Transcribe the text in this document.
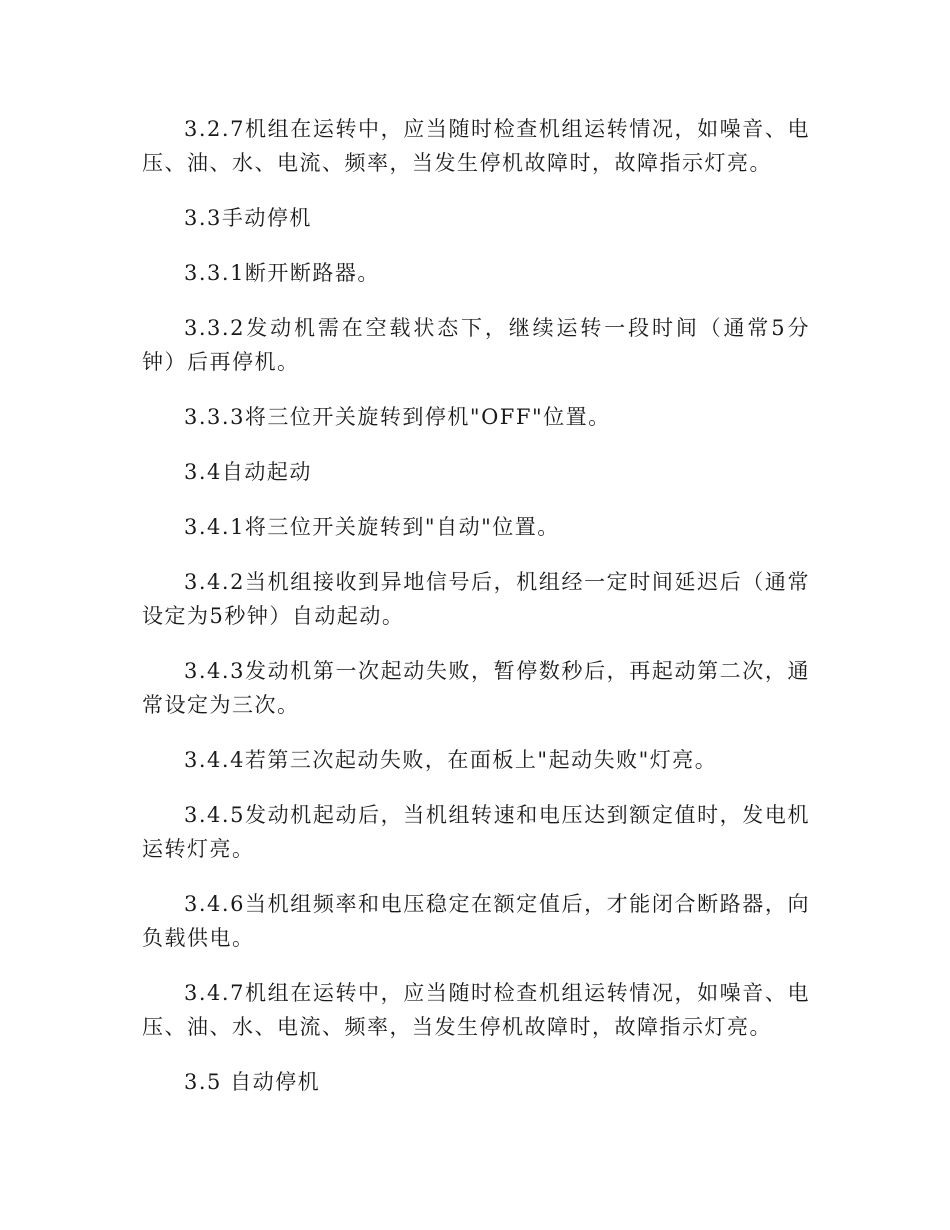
3.2.7机组在运转中，应当随时检查机组运转情况，如噪音、电压、油、水、电流、频率，当发生停机故障时，故障指示灯亮。

3.3手动停机

3.3.1断开断路器。

3.3.2发动机需在空载状态下，继续运转一段时间（通常5分钟）后再停机。

3.3.3将三位开关旋转到停机"OFF"位置。

3.4自动起动

3.4.1将三位开关旋转到"自动"位置。

3.4.2当机组接收到异地信号后，机组经一定时间延迟后（通常设定为5秒钟）自动起动。

3.4.3发动机第一次起动失败，暂停数秒后，再起动第二次，通常设定为三次。

3.4.4若第三次起动失败，在面板上"起动失败"灯亮。

3.4.5发动机起动后，当机组转速和电压达到额定值时，发电机运转灯亮。

3.4.6当机组频率和电压稳定在额定值后，才能闭合断路器，向负载供电。

3.4.7机组在运转中，应当随时检查机组运转情况，如噪音、电压、油、水、电流、频率，当发生停机故障时，故障指示灯亮。

3.5 自动停机
